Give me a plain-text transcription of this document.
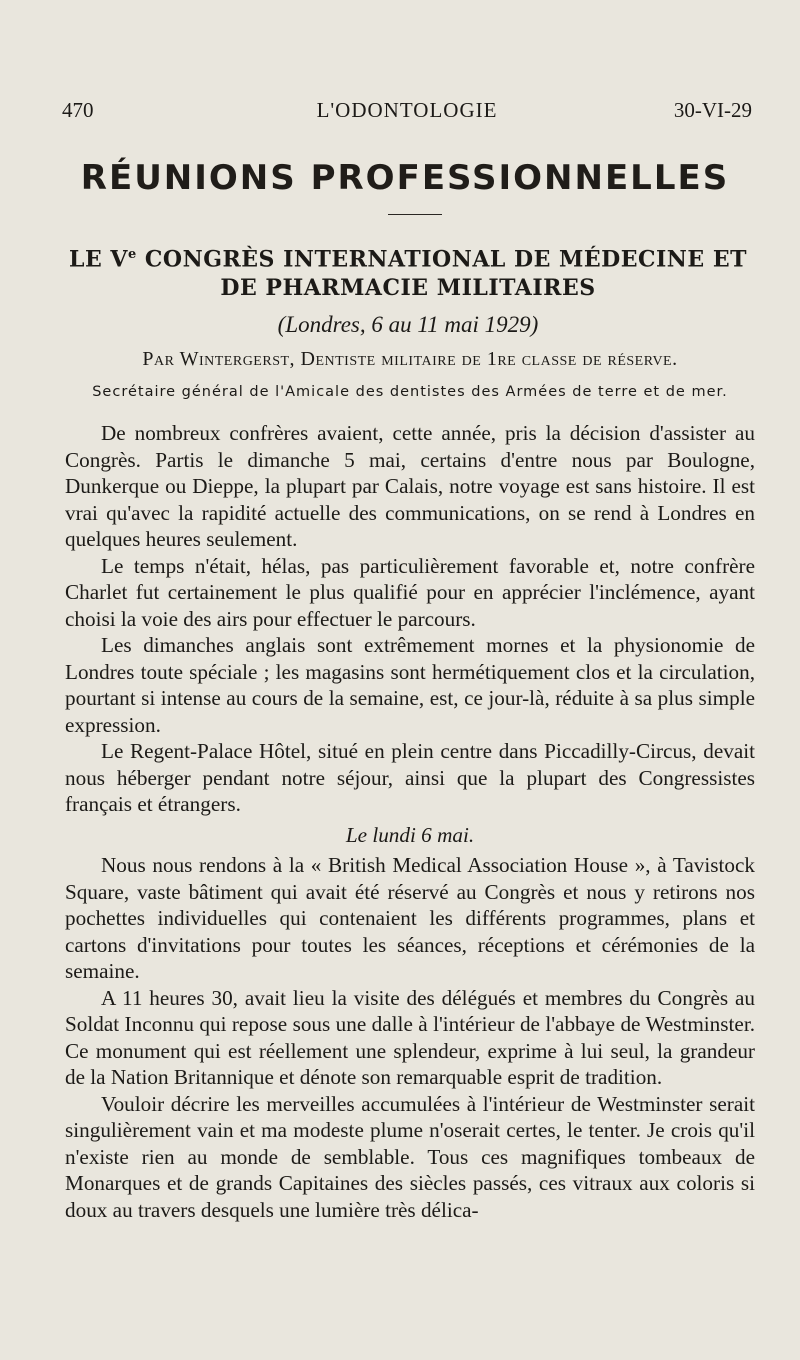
470	L'ODONTOLOGIE	30-VI-29
RÉUNIONS PROFESSIONNELLES
LE Ve CONGRÈS INTERNATIONAL DE MÉDECINE ET DE PHARMACIE MILITAIRES
(Londres, 6 au 11 mai 1929)
Par Wintergerst, Dentiste militaire de 1re classe de réserve.
Secrétaire général de l'Amicale des dentistes des Armées de terre et de mer.

De nombreux confrères avaient, cette année, pris la décision d'assister au Congrès. Partis le dimanche 5 mai, certains d'entre nous par Boulogne, Dunkerque ou Dieppe, la plupart par Calais, notre voyage est sans histoire. Il est vrai qu'avec la rapidité actuelle des communications, on se rend à Londres en quelques heures seulement.

Le temps n'était, hélas, pas particulièrement favorable et, notre confrère Charlet fut certainement le plus qualifié pour en apprécier l'inclémence, ayant choisi la voie des airs pour effectuer le parcours.

Les dimanches anglais sont extrêmement mornes et la physionomie de Londres toute spéciale ; les magasins sont hermétiquement clos et la circulation, pourtant si intense au cours de la semaine, est, ce jour-là, réduite à sa plus simple expression.

Le Regent-Palace Hôtel, situé en plein centre dans Piccadilly-Circus, devait nous héberger pendant notre séjour, ainsi que la plupart des Congressistes français et étrangers.

Le lundi 6 mai.

Nous nous rendons à la « British Medical Association House », à Tavistock Square, vaste bâtiment qui avait été réservé au Congrès et nous y retirons nos pochettes individuelles qui contenaient les différents programmes, plans et cartons d'invitations pour toutes les séances, réceptions et cérémonies de la semaine.

A 11 heures 30, avait lieu la visite des délégués et membres du Congrès au Soldat Inconnu qui repose sous une dalle à l'intérieur de l'abbaye de Westminster. Ce monument qui est réellement une splendeur, exprime à lui seul, la grandeur de la Nation Britannique et dénote son remarquable esprit de tradition.

Vouloir décrire les merveilles accumulées à l'intérieur de Westminster serait singulièrement vain et ma modeste plume n'oserait certes, le tenter. Je crois qu'il n'existe rien au monde de semblable. Tous ces magnifiques tombeaux de Monarques et de grands Capitaines des siècles passés, ces vitraux aux coloris si doux au travers desquels une lumière très délica-
